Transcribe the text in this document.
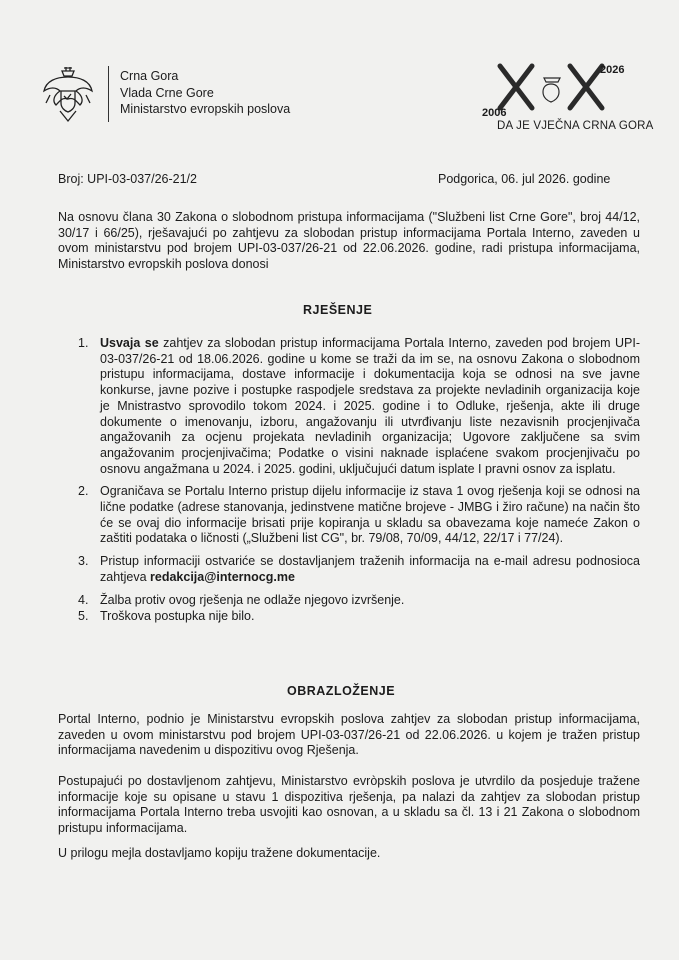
Crna Gora
Vlada Crne Gore
Ministarstvo evropskih poslova
2026
2006
DA JE VJEČNA CRNA GORA
Broj: UPI-03-037/26-21/2	Podgorica, 06. jul 2026. godine
Na osnovu člana 30 Zakona o slobodnom pristupa informacijama ("Službeni list Crne Gore", broj 44/12, 30/17 i 66/25), rješavajući po zahtjevu za slobodan pristup informacijama Portala Interno, zaveden u ovom ministarstvu pod brojem UPI-03-037/26-21 od 22.06.2026. godine, radi pristupa informacijama, Ministarstvo evropskih poslova donosi
RJEŠENJE
1. Usvaja se zahtjev za slobodan pristup informacijama Portala Interno, zaveden pod brojem UPI-03-037/26-21 od 18.06.2026. godine u kome se traži da im se, na osnovu Zakona o slobodnom pristupu informacijama, dostave informacije i dokumentacija koja se odnosi na sve javne konkurse, javne pozive i postupke raspodjele sredstava za projekte nevladinih organizacija koje je Mnistrastvo sprovodilo tokom 2024. i 2025. godine i to Odluke, rješenja, akte ili druge dokumente o imenovanju, izboru, angažovanju ili utvrđivanju liste nezavisnih procjenjivača angažovanih za ocjenu projekata nevladinih organizacija; Ugovore zaključene sa svim angažovanim procjenjivačima; Podatke o visini naknade isplaćene svakom procjenjivaču po osnovu angažmana u 2024. i 2025. godini, uključujući datum isplate I pravni osnov za isplatu.
2. Ograničava se Portalu Interno pristup dijelu informacije iz stava 1 ovog rješenja koji se odnosi na lične podatke (adrese stanovanja, jedinstvene matične brojeve - JMBG i žiro račune) na način što će se ovaj dio informacije brisati prije kopiranja u skladu sa obavezama koje nameće Zakon o zaštiti podataka o ličnosti („Službeni list CG", br. 79/08, 70/09, 44/12, 22/17 i 77/24).
3. Pristup informaciji ostvariće se dostavljanjem traženih informacija na e-mail adresu podnosioca zahtjeva redakcija@internocg.me
4. Žalba protiv ovog rješenja ne odlaže njegovo izvršenje.
5. Troškova postupka nije bilo.
OBRAZLOŽENJE
Portal Interno, podnio je Ministarstvu evropskih poslova zahtjev za slobodan pristup informacijama, zaveden u ovom ministarstvu pod brojem UPI-03-037/26-21 od 22.06.2026. u kojem je tražen pristup informacijama navedenim u dispozitivu ovog Rješenja.
Postupajući po dostavljenom zahtjevu, Ministarstvo evròpskih poslova je utvrdilo da posjeduje tražene informacije koje su opisane u stavu 1 dispozitiva rješenja, pa nalazi da zahtjev za slobodan pristup informacijama Portala Interno treba usvojiti kao osnovan, a u skladu sa čl. 13 i 21 Zakona o slobodnom pristupu informacijama.
U prilogu mejla dostavljamo kopiju tražene dokumentacije.
